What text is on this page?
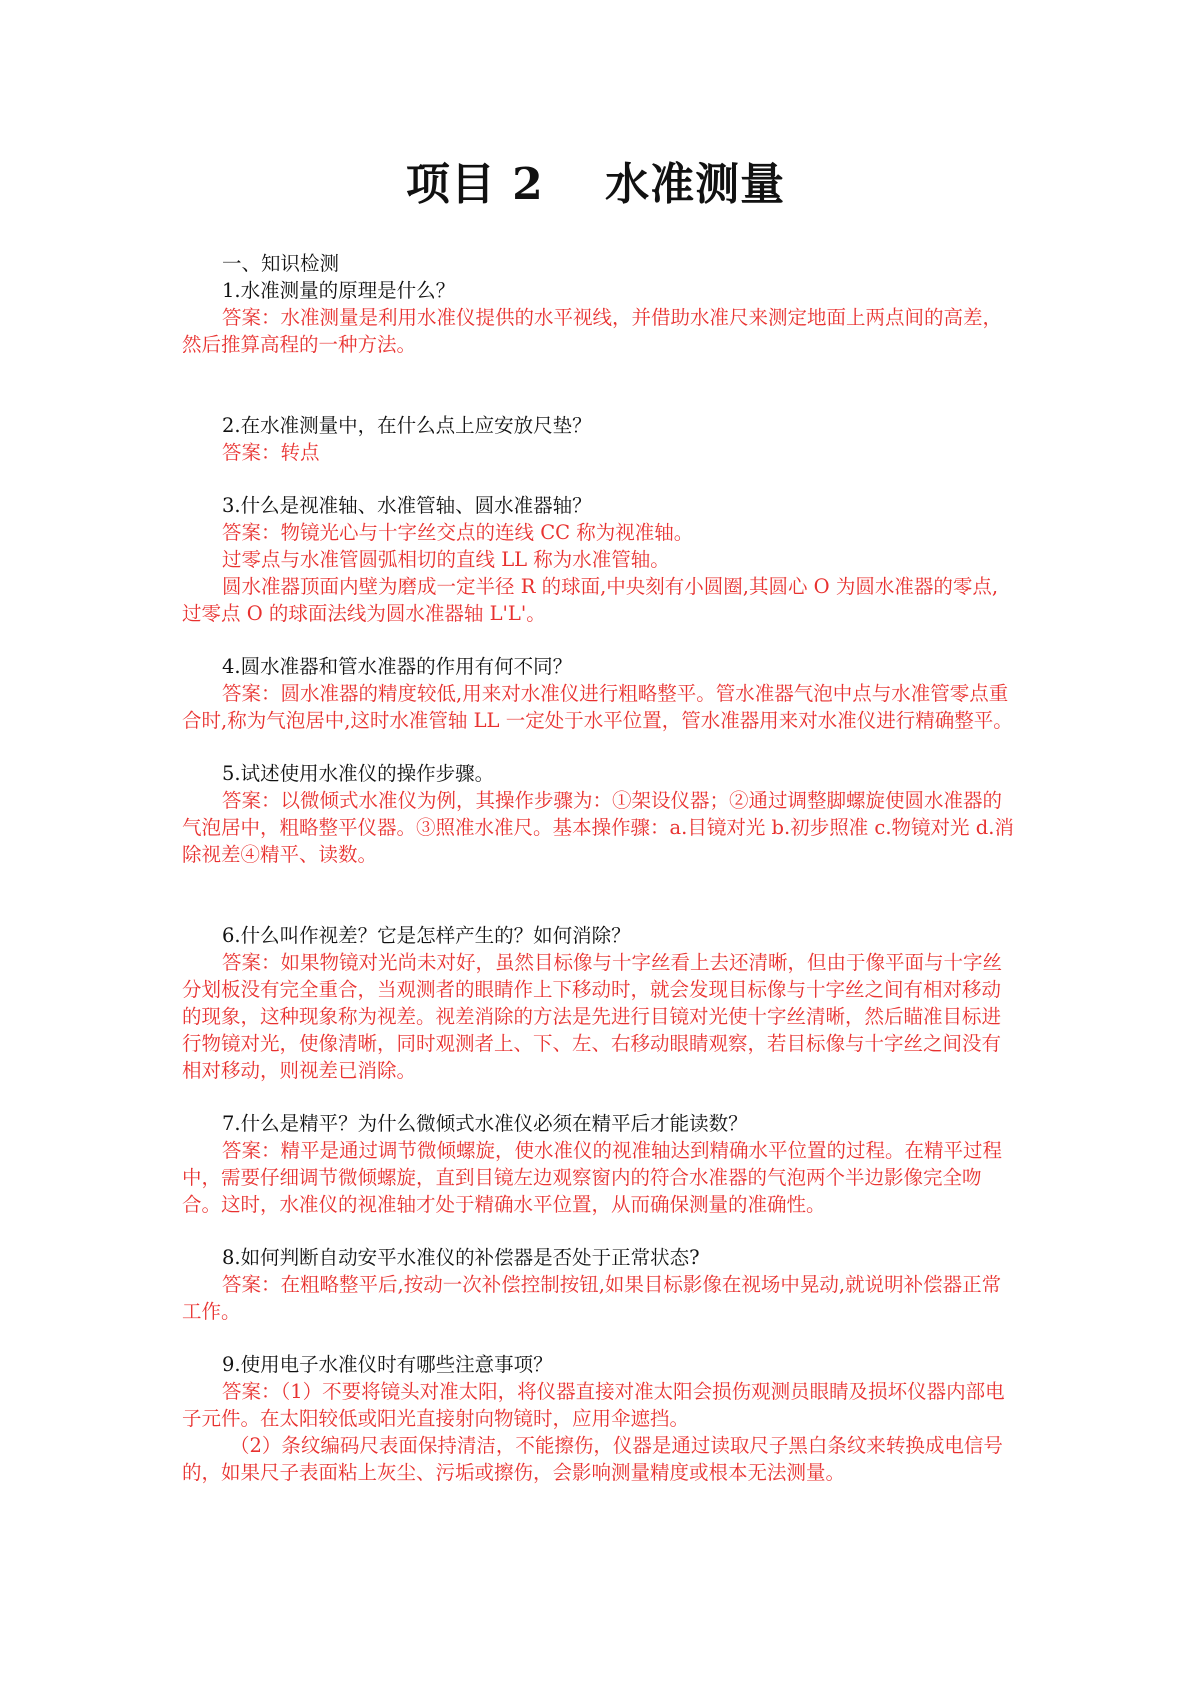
项目 2　 水准测量

一、知识检测

1.水准测量的原理是什么？

答案：水准测量是利用水准仪提供的水平视线，并借助水准尺来测定地面上两点间的高差，然后推算高程的一种方法。

2.在水准测量中，在什么点上应安放尺垫？

答案：转点

3.什么是视准轴、水准管轴、圆水准器轴？

答案：物镜光心与十字丝交点的连线 CC 称为视准轴。

过零点与水准管圆弧相切的直线 LL 称为水准管轴。

圆水准器顶面内壁为磨成一定半径 R 的球面,中央刻有小圆圈,其圆心 O 为圆水准器的零点,过零点 O 的球面法线为圆水准器轴 L'L'。

4.圆水准器和管水准器的作用有何不同？

答案：圆水准器的精度较低,用来对水准仪进行粗略整平。管水准器气泡中点与水准管零点重合时,称为气泡居中,这时水准管轴 LL 一定处于水平位置，管水准器用来对水准仪进行精确整平。

5.试述使用水准仪的操作步骤。

答案：以微倾式水准仪为例，其操作步骤为：①架设仪器；②通过调整脚螺旋使圆水准器的气泡居中，粗略整平仪器。③照准水准尺。基本操作骤：a.目镜对光 b.初步照准 c.物镜对光 d.消除视差④精平、读数。

6.什么叫作视差？它是怎样产生的？如何消除？

答案：如果物镜对光尚未对好，虽然目标像与十字丝看上去还清晰，但由于像平面与十字丝分划板没有完全重合，当观测者的眼睛作上下移动时，就会发现目标像与十字丝之间有相对移动的现象，这种现象称为视差。视差消除的方法是先进行目镜对光使十字丝清晰，然后瞄准目标进行物镜对光，使像清晰，同时观测者上、下、左、右移动眼睛观察，若目标像与十字丝之间没有相对移动，则视差已消除。

7.什么是精平？为什么微倾式水准仪必须在精平后才能读数？

答案：精平是通过调节微倾螺旋，使水准仪的视准轴达到精确水平位置的过程。在精平过程中，需要仔细调节微倾螺旋，直到目镜左边观察窗内的符合水准器的气泡两个半边影像完全吻合。这时，水准仪的视准轴才处于精确水平位置，从而确保测量的准确性。

8.如何判断自动安平水准仪的补偿器是否处于正常状态?

答案：在粗略整平后,按动一次补偿控制按钮,如果目标影像在视场中晃动,就说明补偿器正常工作。

9.使用电子水准仪时有哪些注意事项？

答案：（1）不要将镜头对准太阳，将仪器直接对准太阳会损伤观测员眼睛及损坏仪器内部电子元件。在太阳较低或阳光直接射向物镜时，应用伞遮挡。

（2）条纹编码尺表面保持清洁，不能擦伤，仪器是通过读取尺子黑白条纹来转换成电信号的，如果尺子表面粘上灰尘、污垢或擦伤，会影响测量精度或根本无法测量。
